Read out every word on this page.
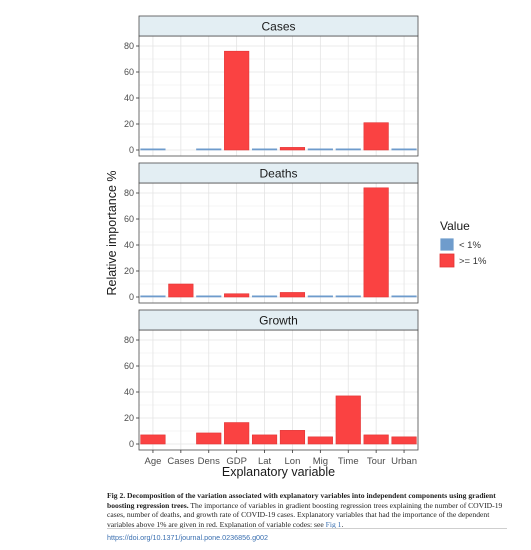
Cases
0
20
40
60
80
Deaths
0
20
40
60
80
Growth
0
20
40
60
80
Age Cases Dens GDP Lat Lon Mig Time Tour Urban
Explanatory variable
Relative importance %	Value
< 1%
>= 1%
Fig 2. Decomposition of the variation associated with explanatory variables into independent components using gradient boosting regression trees. The importance of variables in gradient boosting regression trees explaining the number of COVID-19 cases, number of deaths, and growth rate of COVID-19 cases. Explanatory variables that had the importance of the dependent variables above 1% are given in red. Explanation of variable codes: see Fig 1.
https://doi.org/10.1371/journal.pone.0236856.g002
